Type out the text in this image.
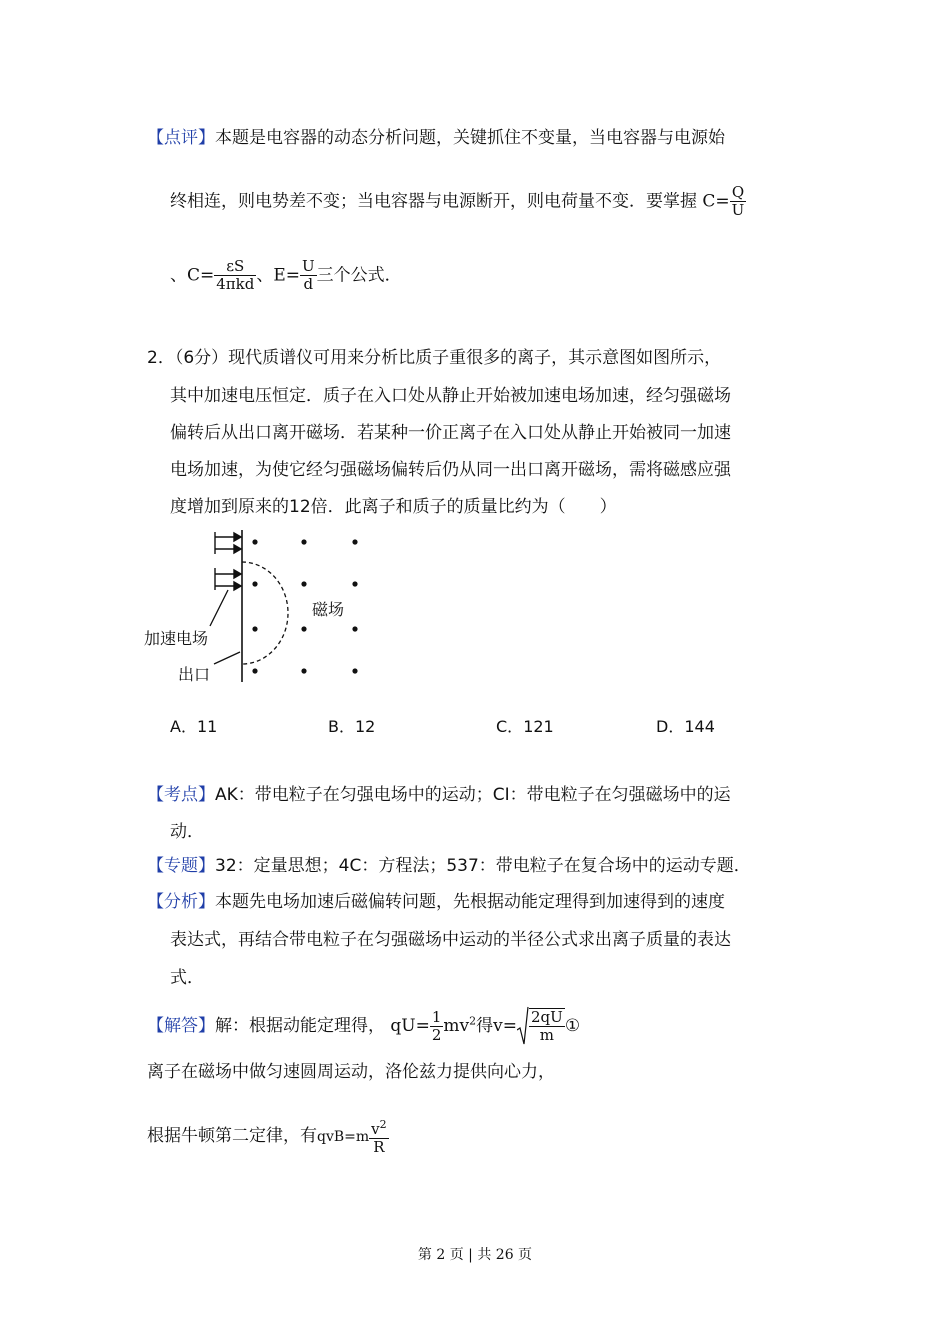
【点评】本题是电容器的动态分析问题，关键抓住不变量，当电容器与电源始
终相连，则电势差不变；当电容器与电源断开，则电荷量不变．要掌握 $C= \frac{Q}{U}$
、$C= \frac{\varepsilon S}{\text{4πkd}}$ 、$E= \frac{U}{d}$ 三个公式．
2．（6分）现代质谱仪可用来分析比质子重很多的离子，其示意图如图所示，
其中加速电压恒定．质子在入口处从静止开始被加速电场加速，经匀强磁场
偏转后从出口离开磁场．若某种一价正离子在入口处从静止开始被同一加速
电场加速，为使它经匀强磁场偏转后仍从同一出口离开磁场，需将磁感应强
度增加到原来的12倍．此离子和质子的质量比约为（　　）
磁场
加速电场
出口
A．11	B．12	C．121	D．144
【考点】AK：带电粒子在匀强电场中的运动；CI：带电粒子在匀强磁场中的运
动．
【专题】32：定量思想；4C：方程法；537：带电粒子在复合场中的运动专题．
【分析】本题先电场加速后磁偏转问题，先根据动能定理得到加速得到的速度
表达式，再结合带电粒子在匀强磁场中运动的半径公式求出离子质量的表达
式．
【解答】解：根据动能定理得， $qU= \frac{1}{2} mv^2$得$v= \frac{2qU}{m}$ ①
离子在磁场中做匀速圆周运动，洛伦兹力提供向心力，
根据牛顿第二定律，有$qvB=m \frac{v^2}{R}$
第 2 页 | 共 26 页
